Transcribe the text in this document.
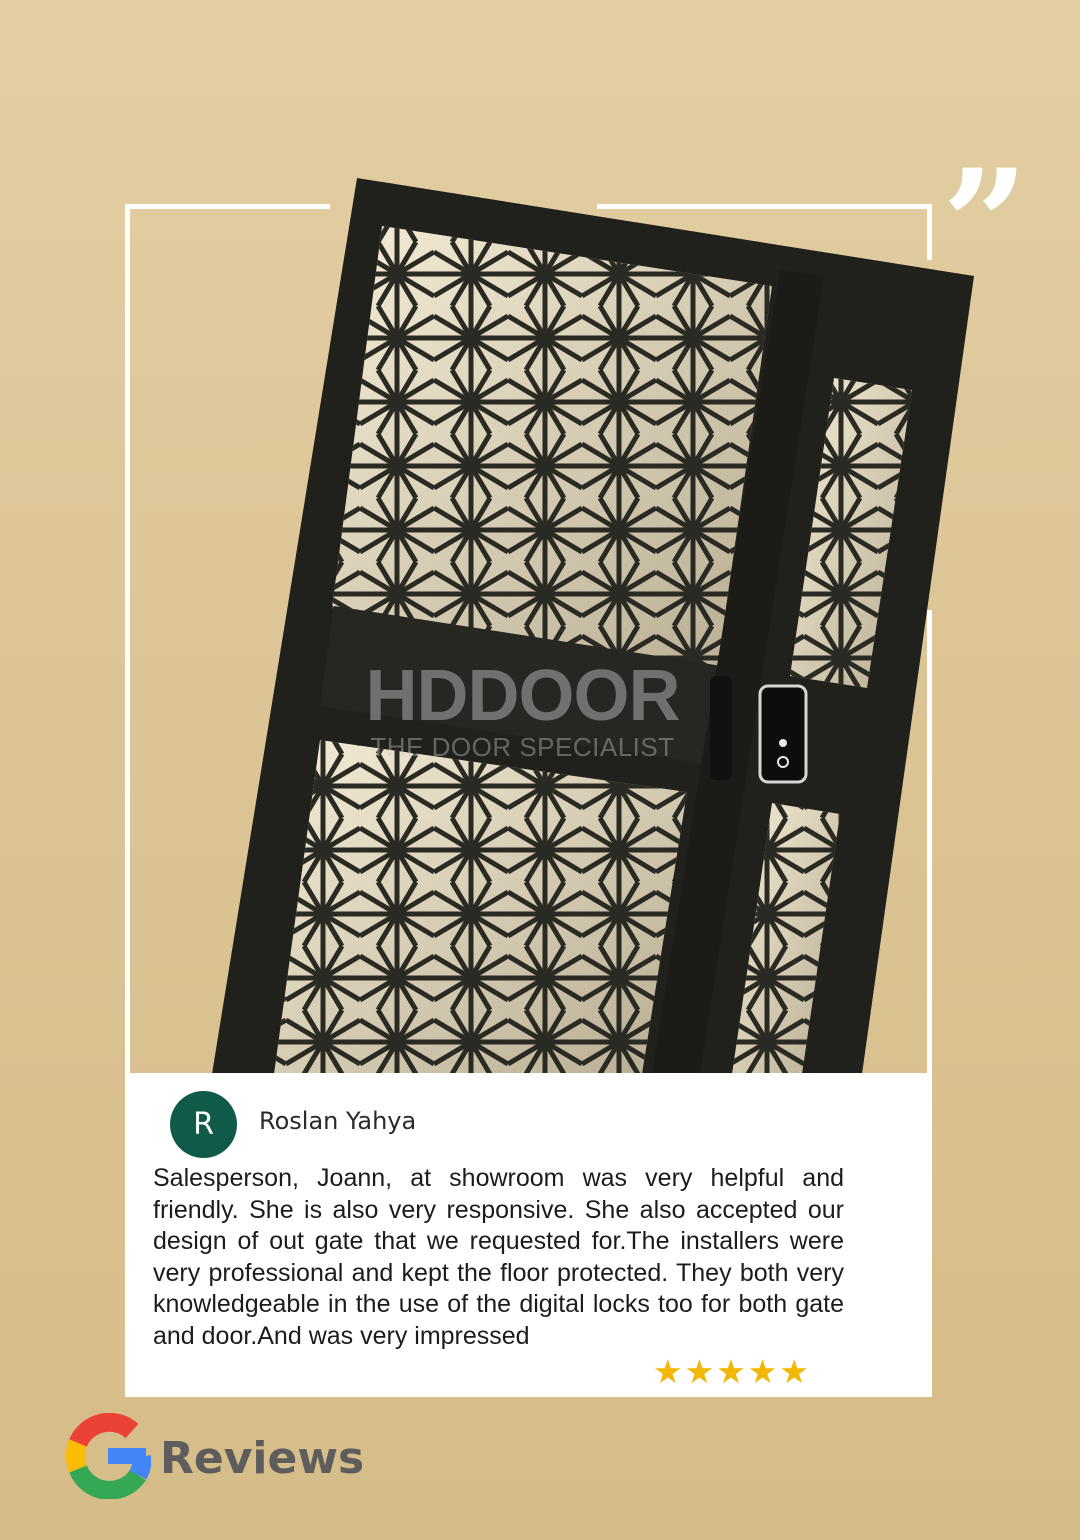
”
HDDOOR
THE DOOR SPECIALIST
R	Roslan Yahya

Salesperson, Joann, at showroom was very helpful and friendly. She is also very responsive. She also accepted our design of out gate that we requested for.The installers were very professional and kept the floor protected. They both very knowledgeable in the use of the digital locks too for both gate and door.And was very impressed

★★★★★
Reviews
